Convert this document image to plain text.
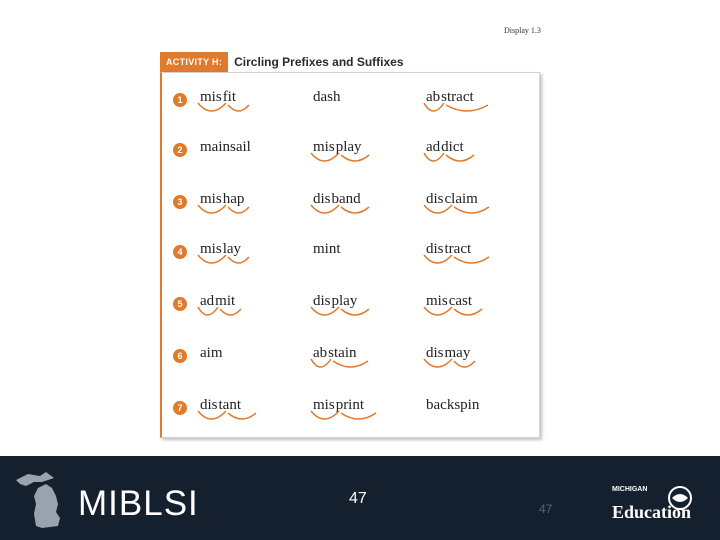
Display 1.3
ACTIVITY H:	Circling Prefixes and Suffixes
1	mis fit	dash	ab stract
2	mainsail	mis play	ad dict
3	mis hap	dis band	dis claim
4	mis lay	mint	dis tract
5	ad mit	dis play	mis cast
6	aim	ab stain	dis may
7	dis tant	mis print	backspin
MIBLSI	47
47
MICHIGAN
Education
